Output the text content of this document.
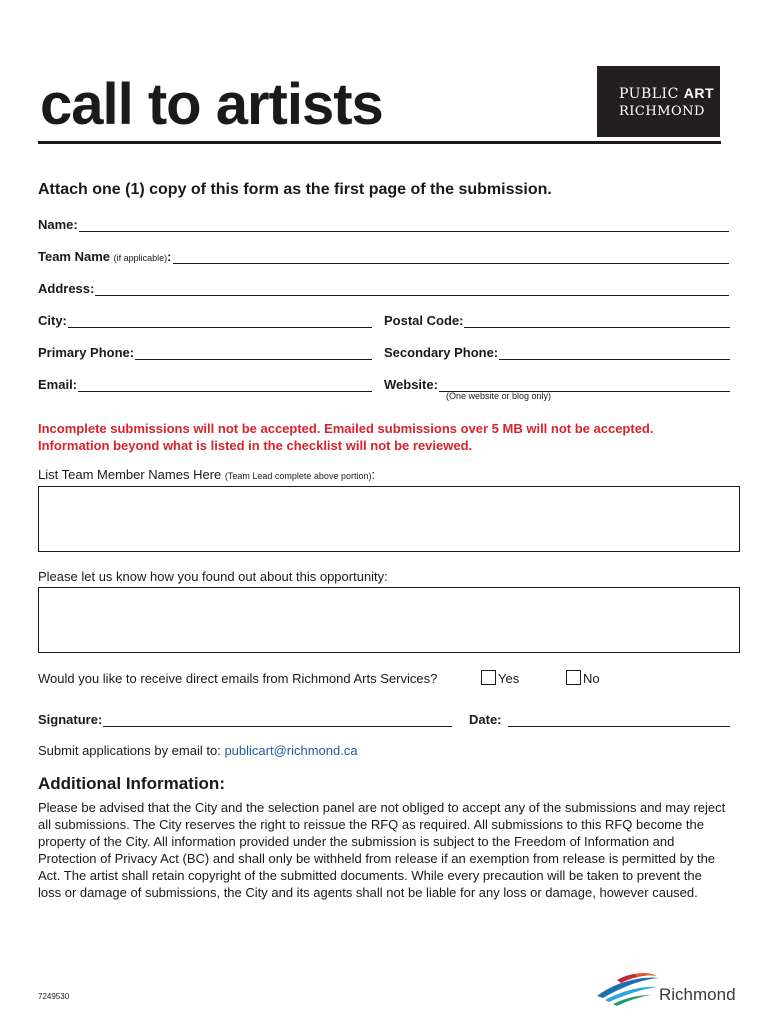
call to artists	PUBLIC ART
RICHMOND
Attach one (1) copy of this form as the first page of the submission.
Name:
Team Name (if applicable):
Address:
City:	Postal Code:
Primary Phone:	Secondary Phone:
Email:	Website:
(One website or blog only)
Incomplete submissions will not be accepted. Emailed submissions over 5 MB will not be accepted.
Information beyond what is listed in the checklist will not be reviewed.
List Team Member Names Here (Team Lead complete above portion):
Please let us know how you found out about this opportunity:
Would you like to receive direct emails from Richmond Arts Services?	Yes	No
Signature:	Date:
Submit applications by email to: publicart@richmond.ca
Additional Information:
Please be advised that the City and the selection panel are not obliged to accept any of the submissions and may reject all submissions. The City reserves the right to reissue the RFQ as required. All submissions to this RFQ become the property of the City. All information provided under the submission is subject to the Freedom of Information and Protection of Privacy Act (BC) and shall only be withheld from release if an exemption from release is permitted by the Act. The artist shall retain copyright of the submitted documents. While every precaution will be taken to prevent the loss or damage of submissions, the City and its agents shall not be liable for any loss or damage, however caused.
7249530	Richmond
